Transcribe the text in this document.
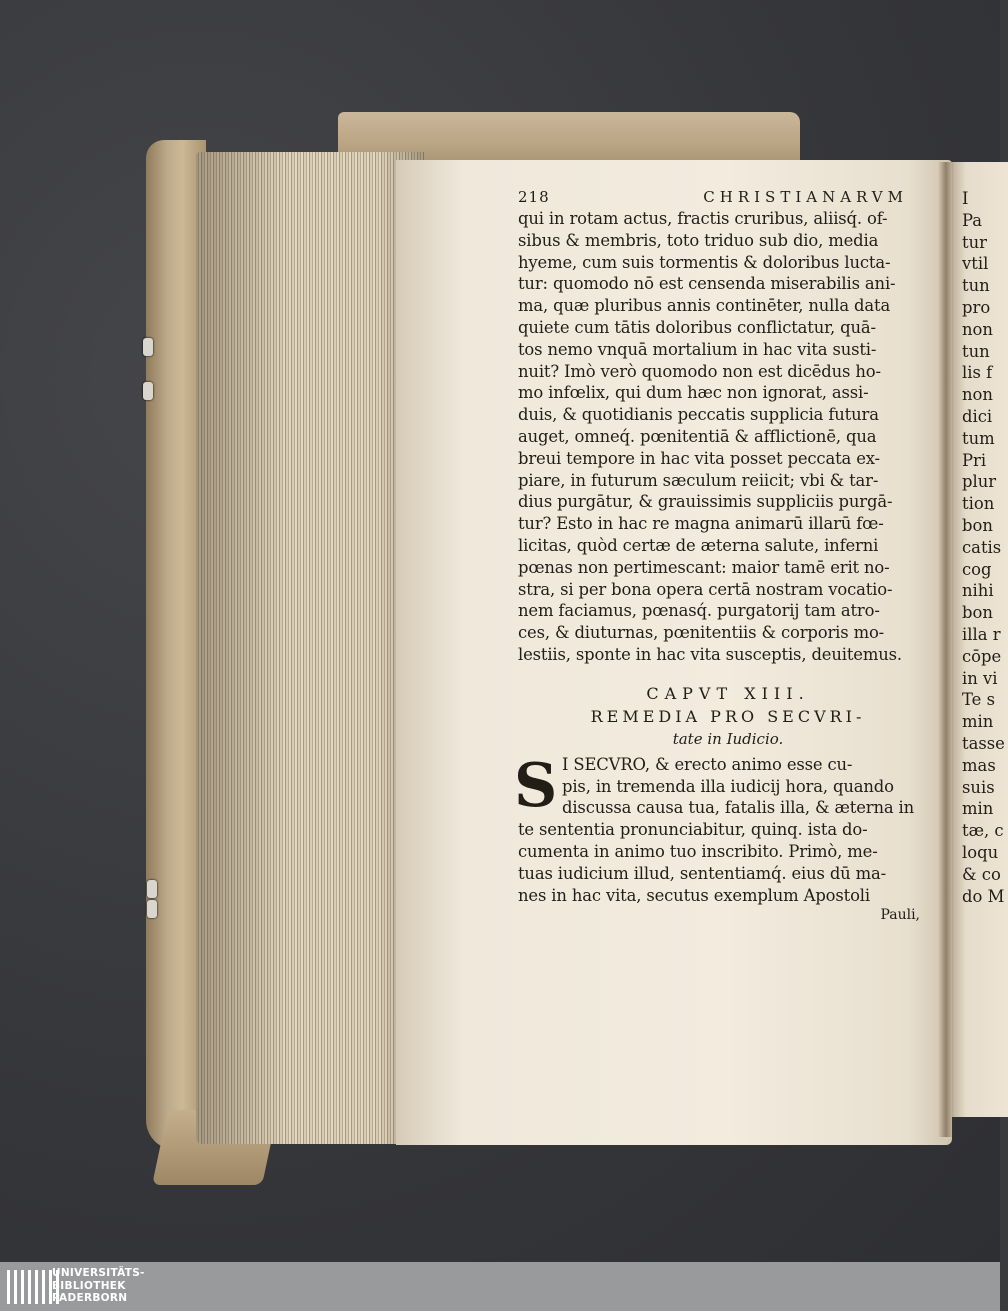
218	CHRISTIANARVM
qui in rotam actus, fractis cruribus, aliisq́. of-
sibus & membris, toto triduo sub dio, media
hyeme, cum suis tormentis & doloribus lucta-
tur: quomodo nō est censenda miserabilis ani-
ma, quæ pluribus annis continēter, nulla data
quiete cum tātis doloribus conflictatur, quā-
tos nemo vnquā mortalium in hac vita susti-
nuit? Imò verò quomodo non est dicēdus ho-
mo infœlix, qui dum hæc non ignorat, assi-
duis, & quotidianis peccatis supplicia futura
auget, omneq́. pœnitentiā & afflictionē, qua
breui tempore in hac vita posset peccata ex-
piare, in futurum sæculum reiicit; vbi & tar-
dius purgātur, & grauissimis suppliciis purgā-
tur? Esto in hac re magna animarū illarū fœ-
licitas, quòd certæ de æterna salute, inferni
pœnas non pertimescant: maior tamē erit no-
stra, si per bona opera certā nostram vocatio-
nem faciamus, pœnasq́. purgatorij tam atro-
ces, & diuturnas, pœnitentiis & corporis mo-
lestiis, sponte in hac vita susceptis, deuitemus.
CAPVT XIII.
REMEDIA PRO SECVRI-
tate in Iudicio.
S I SECVRO, & erecto animo esse cu-
pis, in tremenda illa iudicij hora, quando
discussa causa tua, fatalis illa, & æterna in
te sententia pronunciabitur, quinq. ista do-
cumenta in animo tuo inscribito. Primò, me-
tuas iudicium illud, sententiamq́. eius dū ma-
nes in hac vita, secutus exemplum Apostoli
Pauli,
I
Pa
tur
vtil
tun
pro
non
tun
lis f
non
dici
tum
Pri
plur
tion
bon
catis
cog
nihi
bon
illa r
cōpe
in vi
Te s
min
tasse
mas
suis
min
tæ, c
loqu
& co
do M
UNIVERSITÄTS-
BIBLIOTHEK
PADERBORN
